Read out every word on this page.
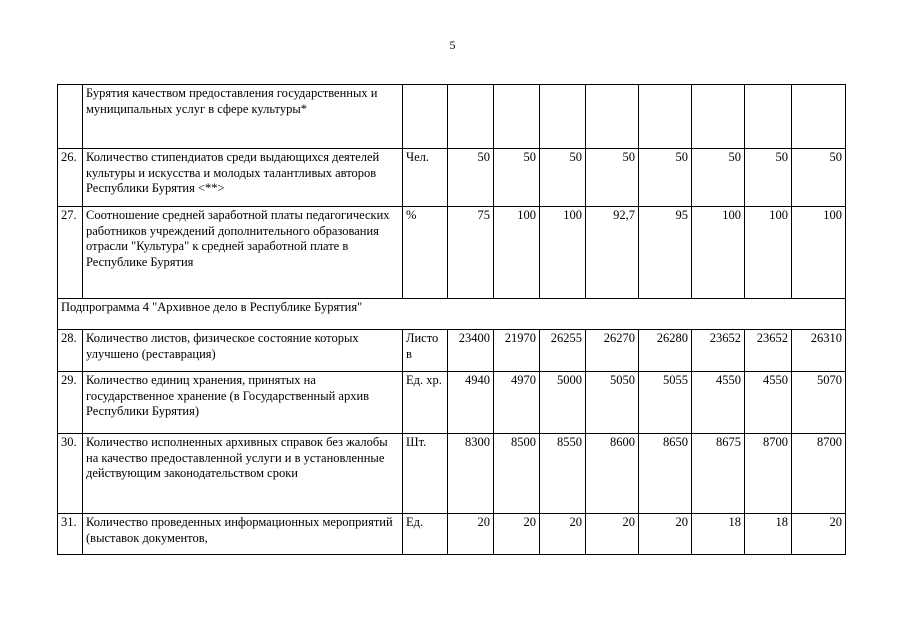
5
	Бурятия качеством предоставления государственных и муниципальных услуг в сфере культуры*									
26.	Количество стипендиатов среди выдающихся деятелей культуры и искусства и молодых талантливых авторов Республики Бурятия <**>	Чел.	50	50	50	50	50	50	50	50
27.	Соотношение средней заработной платы педагогических работников учреждений дополнительного образования отрасли "Культура" к средней заработной плате в Республике Бурятия	%	75	100	100	92,7	95	100	100	100
Подпрограмма 4 "Архивное дело в Республике Бурятия"										
28.	Количество листов, физическое состояние которых улучшено (реставрация)	Листов	23400	21970	26255	26270	26280	23652	23652	26310
29.	Количество единиц хранения, принятых на государственное хранение (в Государственный архив Республики Бурятия)	Ед. хр.	4940	4970	5000	5050	5055	4550	4550	5070
30.	Количество исполненных архивных справок без жалобы на качество предоставленной услуги и в установленные действующим законодательством сроки	Шт.	8300	8500	8550	8600	8650	8675	8700	8700
31.	Количество проведенных информационных мероприятий (выставок документов,	Ед.	20	20	20	20	20	18	18	20
